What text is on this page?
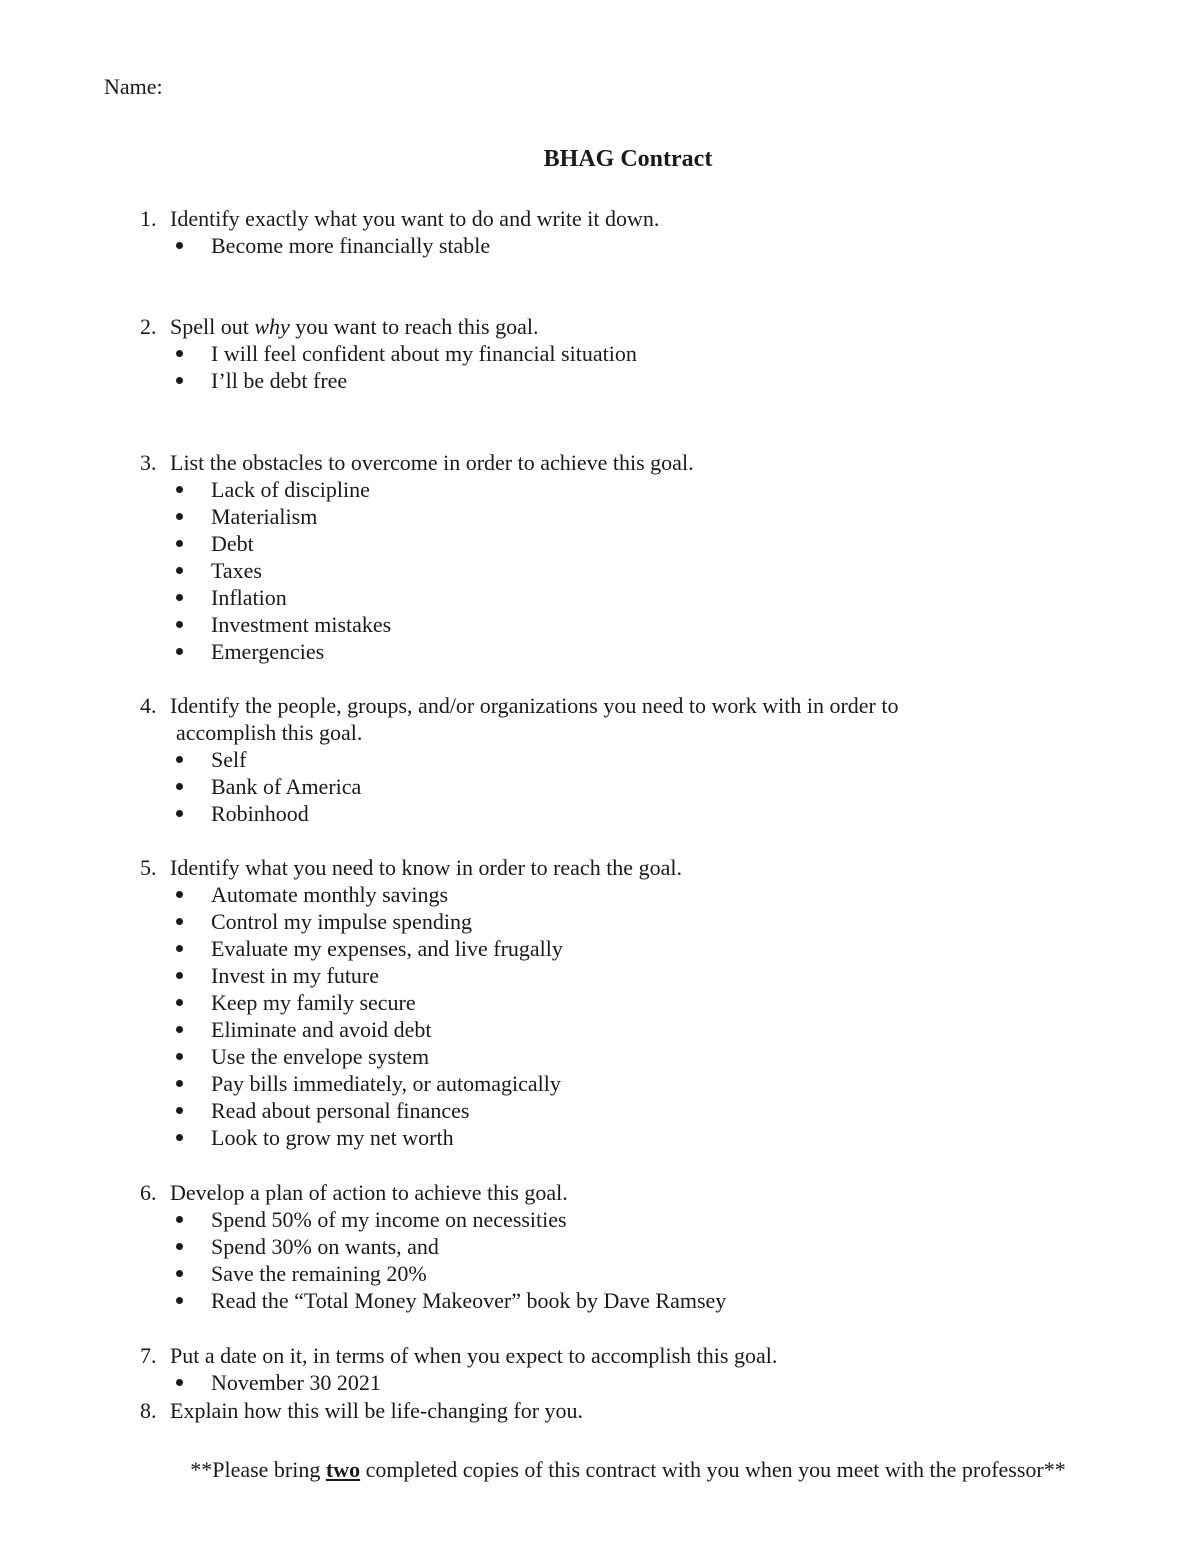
Name:
BHAG Contract
1. Identify exactly what you want to do and write it down.
Become more financially stable
2. Spell out why you want to reach this goal.
I will feel confident about my financial situation
I’ll be debt free
3. List the obstacles to overcome in order to achieve this goal.
Lack of discipline
Materialism
Debt
Taxes
Inflation
Investment mistakes
Emergencies
4. Identify the people, groups, and/or organizations you need to work with in order to
accomplish this goal.
Self
Bank of America
Robinhood
5. Identify what you need to know in order to reach the goal.
Automate monthly savings
Control my impulse spending
Evaluate my expenses, and live frugally
Invest in my future
Keep my family secure
Eliminate and avoid debt
Use the envelope system
Pay bills immediately, or automagically
Read about personal finances
Look to grow my net worth
6. Develop a plan of action to achieve this goal.
Spend 50% of my income on necessities
Spend 30% on wants, and
Save the remaining 20%
Read the “Total Money Makeover” book by Dave Ramsey
7. Put a date on it, in terms of when you expect to accomplish this goal.
November 30 2021
8. Explain how this will be life-changing for you.
**Please bring two completed copies of this contract with you when you meet with the professor**
